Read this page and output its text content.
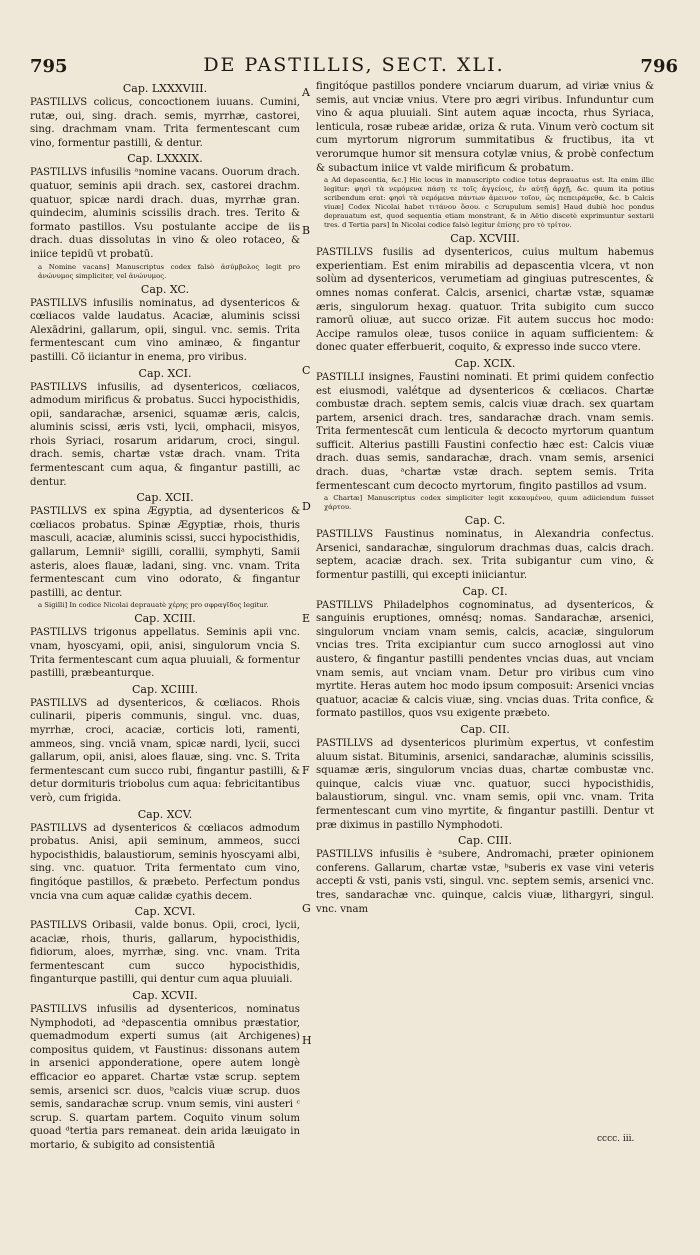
795	DE PASTILLIS, SECT. XLI.	796
Cap. LXXXVIII.

PASTILLVS colicus, concoctionem iuuans. Cumini, rutæ, oui, sing. drach. semis, myrrhæ, castorei, sing. drachmam vnam. Trita fermentescant cum vino, formentur pastilli, & dentur.

Cap. LXXXIX.

PASTILLVS infusilis ᵃnomine vacans. Ouorum drach. quatuor, seminis apii drach. sex, castorei drachm. quatuor, spicæ nardi drach. duas, myrrhæ gran. quindecim, aluminis scissilis drach. tres. Terito & formato pastillos. Vsu postulante accipe de iis drach. duas dissolutas in vino & oleo rotaceo, & iniice tepidū vt probatū.

a Nomine vacans] Manuscriptus codex falsò ἀσύμβολος legit pro ἀνώνυμος simpliciter, vel ἀνώνυμος.

Cap. XC.

PASTILLVS infusilis nominatus, ad dysentericos & cœliacos valde laudatus. Acaciæ, aluminis scissi Alexādrini, gallarum, opii, singul. vnc. semis. Trita fermentescant cum vino aminæo, & fingantur pastilli. Cō iiciantur in enema, pro viribus.

Cap. XCI.

PASTILLVS infusilis, ad dysentericos, cœliacos, admodum mirificus & probatus. Succi hypocisthidis, opii, sandarachæ, arsenici, squamæ æris, calcis, aluminis scissi, æris vsti, lycii, omphacii, misyos, rhois Syriaci, rosarum aridarum, croci, singul. drach. semis, chartæ vstæ drach. vnam. Trita fermentescant cum aqua, & fingantur pastilli, ac dentur.

Cap. XCII.

PASTILLVS ex spina Ægyptia, ad dysentericos & cœliacos probatus. Spinæ Ægyptiæ, rhois, thuris masculi, acaciæ, aluminis scissi, succi hypocisthidis, gallarum, Lemniiᵃ sigilli, corallii, symphyti, Samii asteris, aloes flauæ, ladani, sing. vnc. vnam. Trita fermentescant cum vino odorato, & fingantur pastilli, ac dentur.

a Sigilli] In codice Nicolai deprauatè χέρης pro σφραγῖδος legitur.

Cap. XCIII.

PASTILLVS trigonus appellatus. Seminis apii vnc. vnam, hyoscyami, opii, anisi, singulorum vncia S. Trita fermentescant cum aqua pluuiali, & formentur pastilli, præbeanturque.

Cap. XCIIII.

PASTILLVS ad dysentericos, & cœliacos. Rhois culinarii, piperis communis, singul. vnc. duas, myrrhæ, croci, acaciæ, corticis loti, ramenti, ammeos, sing. vnciā vnam, spicæ nardi, lycii, succi gallarum, opii, anisi, aloes flauæ, sing. vnc. S. Trita fermentescant cum succo rubi, fingantur pastilli, & detur dormituris triobolus cum aqua: febricitantibus verò, cum frigida.

Cap. XCV.

PASTILLVS ad dysentericos & cœliacos admodum probatus. Anisi, apii seminum, ammeos, succi hypocisthidis, balaustiorum, seminis hyoscyami albi, sing. vnc. quatuor. Trita fermentato cum vino, fingitóque pastillos, & præbeto. Perfectum pondus vncia vna cum aquæ calidæ cyathis decem.

Cap. XCVI.

PASTILLVS Oribasii, valde bonus. Opii, croci, lycii, acaciæ, rhois, thuris, gallarum, hypocisthidis, fidiorum, aloes, myrrhæ, sing. vnc. vnam. Trita fermentescant cum succo hypocisthidis, finganturque pastilli, qui dentur cum aqua pluuiali.

Cap. XCVII.

PASTILLVS infusilis ad dysentericos, nominatus Nymphodoti, ad ᵃdepascentia omnibus præstatior, quemadmodum experti sumus (ait Archigenes) compositus quidem, vt Faustinus: dissonans autem in arsenici apponderatione, opere autem longè efficacior eo apparet. Chartæ vstæ scrup. septem semis, arsenici scr. duos, ᵇcalcis viuæ scrup. duos semis, sandarachæ scrup. vnum semis, vini austeri ᶜ scrup. S. quartam partem. Coquito vinum solum quoad ᵈtertia pars remaneat. dein arida læuigato in mortario, & subigito ad consistentiā

fingitóque pastillos pondere vnciarum duarum, ad viriæ vnius & semis, aut vnciæ vnius. Vtere pro ægri viribus. Infunduntur cum vino & aqua pluuiali. Sint autem aquæ incocta, rhus Syriaca, lenticula, rosæ rubeæ aridæ, oriza & ruta. Vinum verò coctum sit cum myrtorum nigrorum summitatibus & fructibus, ita vt verorumque humor sit mensura cotylæ vnius, & probè confectum & subactum iniice vt valde mirificum & probatum.

a Ad depascentia, &c.] Hic locus in manuscripto codice totus deprauatus est. Ita enim illic legitur: φησὶ τὰ νεμόμενα πάσῃ τε τοῖς ἀγγείοις, ἐν αὐτῇ ἀρχῇ, &c. quum ita potius scribendum erat: φησὶ τὰ νεμόμενα πάντων ἀμεινον τοῖον, ὡς πεπειράμεθα, &c. b Calcis viuæ] Codex Nicolai habet τιτάνου ὅσου. c Scrupulum semis] Haud dubiè hoc pondus deprauatum est, quod sequentia etiam monstrant, & in Aëtio discetè exprimuntur sextarii tres. d Tertia pars] In Nicolai codice falsò legitur ἐπίσης pro τὸ τρίτον.

Cap. XCVIII.

PASTILLVS fusilis ad dysentericos, cuius multum habemus experientiam. Est enim mirabilis ad depascentia vlcera, vt non solùm ad dysentericos, verumetiam ad gingiuas putrescentes, & omnes nomas conferat. Calcis, arsenici, chartæ vstæ, squamæ æris, singulorum hexag. quatuor. Trita subigito cum succo ramorū oliuæ, aut succo orizæ. Fit autem succus hoc modo: Accipe ramulos oleæ, tusos coniice in aquam sufficientem: & donec quater efferbuerit, coquito, & expresso inde succo vtere.

Cap. XCIX.

PASTILLI insignes, Faustini nominati. Et primi quidem confectio est eiusmodi, valétque ad dysentericos & cœliacos. Chartæ combustæ drach. septem semis, calcis viuæ drach. sex quartam partem, arsenici drach. tres, sandarachæ drach. vnam semis. Trita fermentescāt cum lenticula & decocto myrtorum quantum sufficit. Alterius pastilli Faustini confectio hæc est: Calcis viuæ drach. duas semis, sandarachæ, drach. vnam semis, arsenici drach. duas, ᵃchartæ vstæ drach. septem semis. Trita fermentescant cum decocto myrtorum, fingito pastillos ad vsum.

a Chartæ] Manuscriptus codex simpliciter legit κεκαυμένου, quum adiiciendum fuisset χάρτου.

Cap. C.

PASTILLVS Faustinus nominatus, in Alexandria confectus. Arsenici, sandarachæ, singulorum drachmas duas, calcis drach. septem, acaciæ drach. sex. Trita subigantur cum vino, & formentur pastilli, qui excepti iniiciantur.

Cap. CI.

PASTILLVS Philadelphos cognominatus, ad dysentericos, & sanguinis eruptiones, omnésq; nomas. Sandarachæ, arsenici, singulorum vnciam vnam semis, calcis, acaciæ, singulorum vncias tres. Trita excipiantur cum succo arnoglossi aut vino austero, & fingantur pastilli pendentes vncias duas, aut vnciam vnam semis, aut vnciam vnam. Detur pro viribus cum vino myrtite. Heras autem hoc modo ipsum composuit: Arsenici vncias quatuor, acaciæ & calcis viuæ, sing. vncias duas. Trita confice, & formato pastillos, quos vsu exigente præbeto.

Cap. CII.

PASTILLVS ad dysentericos plurimùm expertus, vt confestim aluum sistat. Bituminis, arsenici, sandarachæ, aluminis scissilis, squamæ æris, singulorum vncias duas, chartæ combustæ vnc. quinque, calcis viuæ vnc. quatuor, succi hypocisthidis, balaustiorum, singul. vnc. vnam semis, opii vnc. vnam. Trita fermentescant cum vino myrtite, & fingantur pastilli. Dentur vt præ diximus in pastillo Nymphodoti.

Cap. CIII.

PASTILLVS infusilis è ᵃsubere, Andromachi, præter opinionem conferens. Gallarum, chartæ vstæ, ᵇsuberis ex vase vini veteris accepti & vsti, panis vsti, singul. vnc. septem semis, arsenici vnc. tres, sandarachæ vnc. quinque, calcis viuæ, lithargyri, singul. vnc. vnam

A
B
C
D
E
F
G
H
cccc. iii.
